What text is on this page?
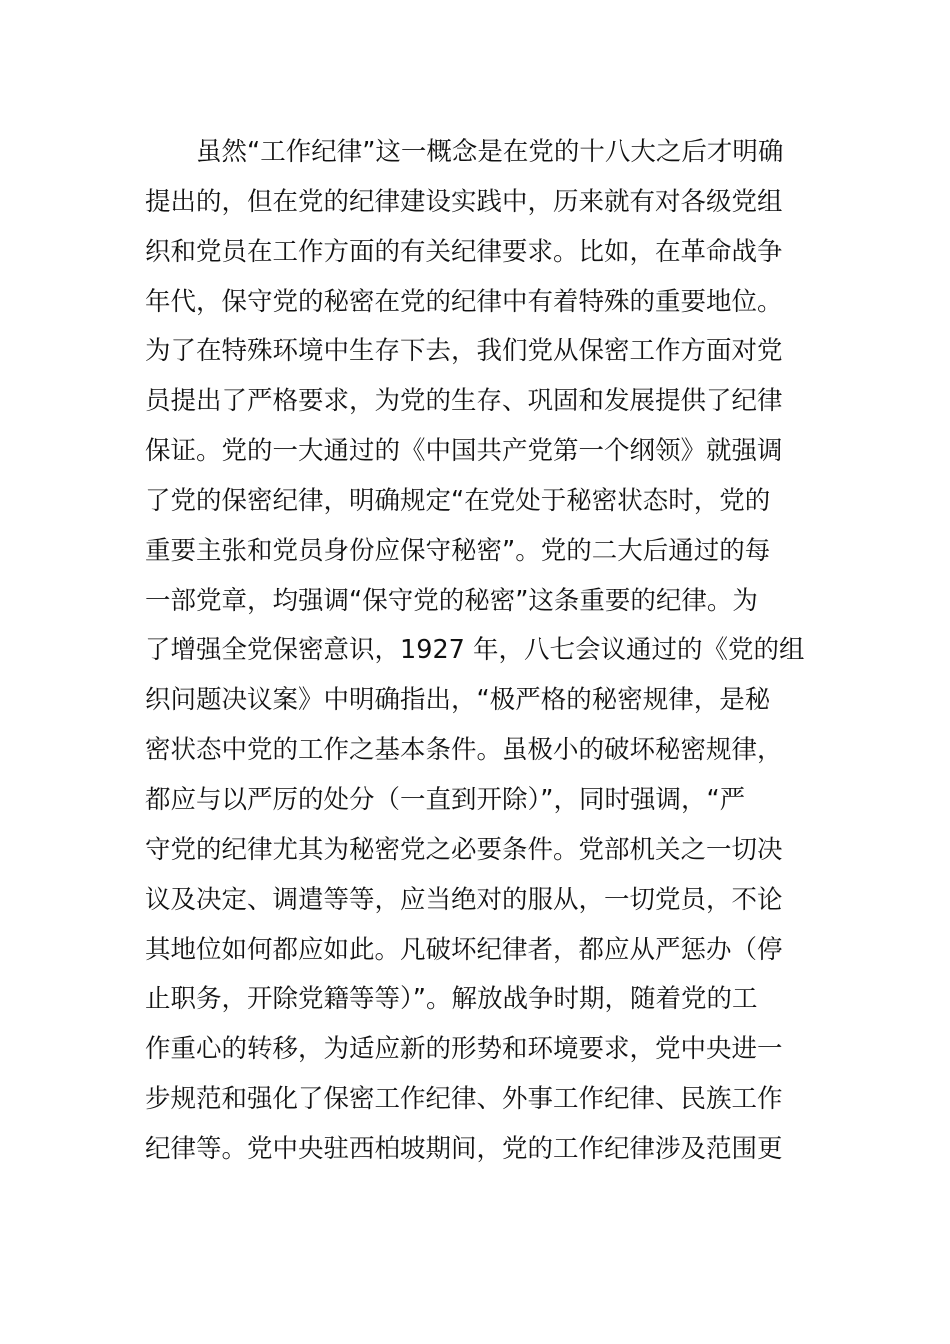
　　虽然“工作纪律”这一概念是在党的十八大之后才明确
提出的，但在党的纪律建设实践中，历来就有对各级党组
织和党员在工作方面的有关纪律要求。比如，在革命战争
年代，保守党的秘密在党的纪律中有着特殊的重要地位。
为了在特殊环境中生存下去，我们党从保密工作方面对党
员提出了严格要求，为党的生存、巩固和发展提供了纪律
保证。党的一大通过的《中国共产党第一个纲领》就强调
了党的保密纪律，明确规定“在党处于秘密状态时，党的
重要主张和党员身份应保守秘密”。党的二大后通过的每
一部党章，均强调“保守党的秘密”这条重要的纪律。为
了增强全党保密意识，1927 年，八七会议通过的《党的组
织问题决议案》中明确指出，“极严格的秘密规律，是秘
密状态中党的工作之基本条件。虽极小的破坏秘密规律，
都应与以严厉的处分（一直到开除）”，同时强调，“严
守党的纪律尤其为秘密党之必要条件。党部机关之一切决
议及决定、调遣等等，应当绝对的服从，一切党员，不论
其地位如何都应如此。凡破坏纪律者，都应从严惩办（停
止职务，开除党籍等等）”。解放战争时期，随着党的工
作重心的转移，为适应新的形势和环境要求，党中央进一
步规范和强化了保密工作纪律、外事工作纪律、民族工作
纪律等。党中央驻西柏坡期间，党的工作纪律涉及范围更
